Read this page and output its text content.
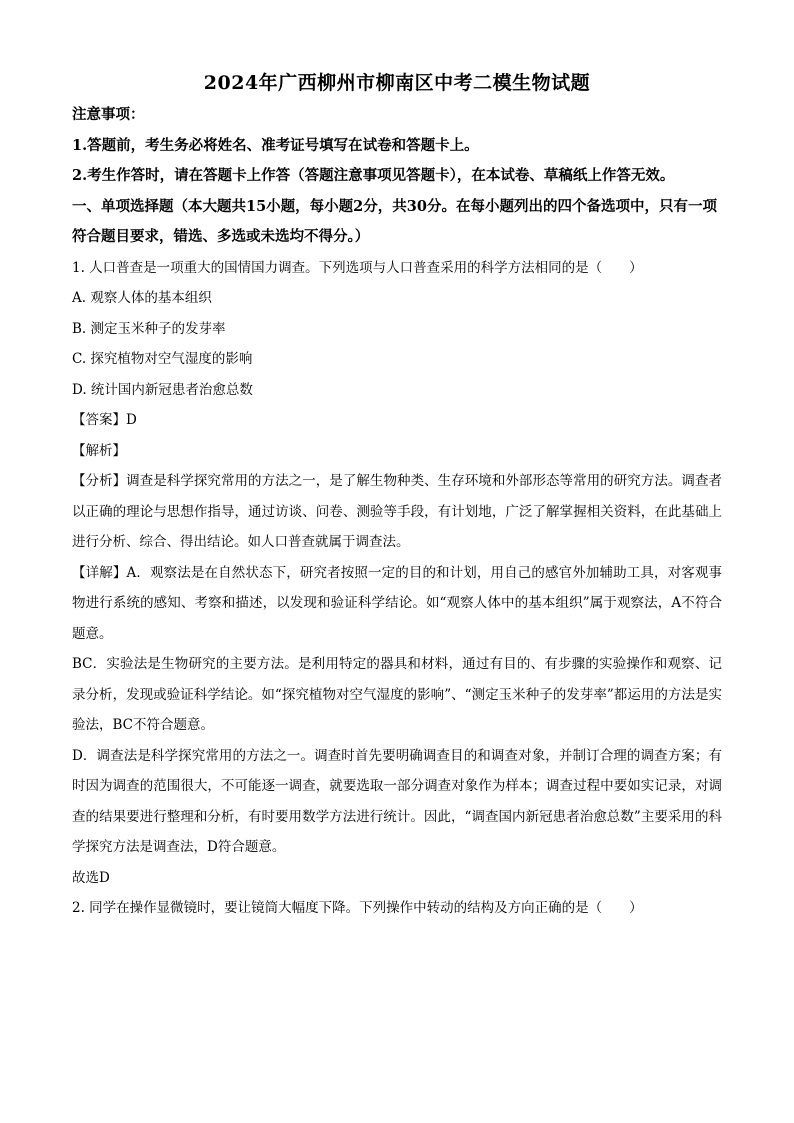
2024年广西柳州市柳南区中考二模生物试题

注意事项：

1.答题前，考生务必将姓名、准考证号填写在试卷和答题卡上。

2.考生作答时，请在答题卡上作答（答题注意事项见答题卡），在本试卷、草稿纸上作答无效。

一、单项选择题（本大题共15小题，每小题2分，共30分。在每小题列出的四个备选项中，只有一项符合题目要求，错选、多选或未选均不得分。）

1. 人口普查是一项重大的国情国力调查。下列选项与人口普查采用的科学方法相同的是（　　）

A. 观察人体的基本组织

B. 测定玉米种子的发芽率

C. 探究植物对空气湿度的影响

D. 统计国内新冠患者治愈总数

【答案】D

【解析】

【分析】调查是科学探究常用的方法之一，是了解生物种类、生存环境和外部形态等常用的研究方法。调查者以正确的理论与思想作指导，通过访谈、问卷、测验等手段，有计划地，广泛了解掌握相关资料，在此基础上进行分析、综合、得出结论。如人口普查就属于调查法。

【详解】A．观察法是在自然状态下，研究者按照一定的目的和计划，用自己的感官外加辅助工具，对客观事物进行系统的感知、考察和描述，以发现和验证科学结论。如“观察人体中的基本组织”属于观察法，A不符合题意。

BC．实验法是生物研究的主要方法。是利用特定的器具和材料，通过有目的、有步骤的实验操作和观察、记录分析，发现或验证科学结论。如“探究植物对空气湿度的影响”、“测定玉米种子的发芽率”都运用的方法是实验法，BC不符合题意。

D．调查法是科学探究常用的方法之一。调查时首先要明确调查目的和调查对象，并制订合理的调查方案；有时因为调查的范围很大，不可能逐一调查，就要选取一部分调查对象作为样本；调查过程中要如实记录，对调查的结果要进行整理和分析，有时要用数学方法进行统计。因此，“调查国内新冠患者治愈总数”主要采用的科学探究方法是调查法，D符合题意。

故选D

2. 同学在操作显微镜时，要让镜筒大幅度下降。下列操作中转动的结构及方向正确的是（　　）
